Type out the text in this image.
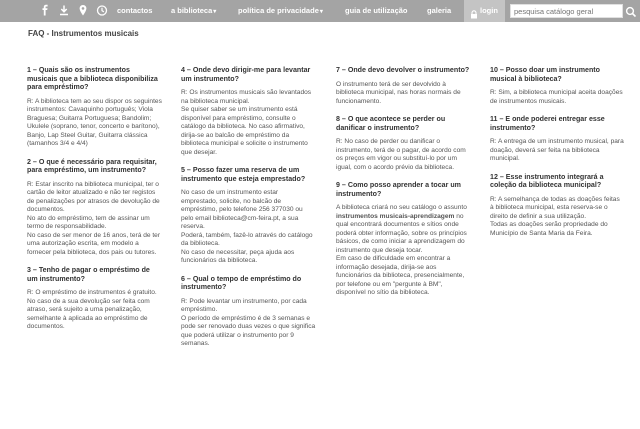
contactos a biblioteca▾	política de privacidade▾	guia de utilização	galeria	login
pesquisa catálogo geral
FAQ - Instrumentos musicais
1 – Quais são os instrumentos musicais que a biblioteca disponibiliza para empréstimo?

R: A biblioteca tem ao seu dispor os seguintes instrumentos: Cavaquinho português; Viola Braguesa; Guitarra Portuguesa; Bandolim; Ukulele (soprano, tenor, concerto e barítono), Banjo, Lap Steel Guitar, Guitarra clássica (tamanhos 3/4 e 4/4)

2 – O que é necessário para requisitar, para empréstimo, um instrumento?

R: Estar inscrito na biblioteca municipal, ter o cartão de leitor atualizado e não ter registos de penalizações por atrasos de devolução de documentos.
No ato do empréstimo, tem de assinar um termo de responsabilidade.
No caso de ser menor de 16 anos, terá de ter uma autorização escrita, em modelo a fornecer pela biblioteca, dos pais ou tutores.

3 – Tenho de pagar o empréstimo de um instrumento?

R: O empréstimo de instrumentos é gratuito.
No caso de a sua devolução ser feita com atraso, será sujeito a uma penalização, semelhante à aplicada ao empréstimo de documentos.

4 – Onde devo dirigir-me para levantar um instrumento?

R: Os instrumentos musicais são levantados na biblioteca municipal.
Se quiser saber se um instrumento está disponível para empréstimo, consulte o catálogo da biblioteca. No caso afirmativo, dirija-se ao balcão de empréstimo da biblioteca municipal e solicite o instrumento que desejar.

5 – Posso fazer uma reserva de um instrumento que esteja emprestado?

No caso de um instrumento estar emprestado, solicite, no balcão de empréstimo, pelo telefone 256 377030 ou pelo email biblioteca@cm-feira.pt, a sua reserva.
Poderá, também, fazê-lo através do catálogo da biblioteca.
No caso de necessitar, peça ajuda aos funcionários da biblioteca.

6 – Qual o tempo de empréstimo do instrumento?

R: Pode levantar um instrumento, por cada empréstimo.
O período de empréstimo é de 3 semanas e pode ser renovado duas vezes o que significa que poderá utilizar o instrumento por 9 semanas.

7 – Onde devo devolver o instrumento?

O instrumento terá de ser devolvido à biblioteca municipal, nas horas normais de funcionamento.

8 – O que acontece se perder ou danificar o instrumento?

R: No caso de perder ou danificar o instrumento, terá de o pagar, de acordo com os preços em vigor ou substituí-lo por um igual, com o acordo prévio da biblioteca.

9 – Como posso aprender a tocar um instrumento?

A biblioteca criará no seu catálogo o assunto instrumentos musicais-aprendizagem no qual encontrará documentos e sítios onde poderá obter informação, sobre os princípios básicos, de como iniciar a aprendizagem do instrumento que deseja tocar.
Em caso de dificuldade em encontrar a informação desejada, dirija-se aos funcionários da biblioteca, presencialmente, por telefone ou em "pergunte à BM", disponível no sítio da biblioteca.

10 – Posso doar um instrumento musical à biblioteca?

R: Sim, a biblioteca municipal aceita doações de instrumentos musicais.

11 – E onde poderei entregar esse instrumento?

R: A entrega de um instrumento musical, para doação, deverá ser feita na biblioteca municipal.

12 – Esse instrumento integrará a coleção da biblioteca municipal?

R: A semelhança de todas as doações feitas à biblioteca municipal, esta reserva-se o direito de definir a sua utilização.
Todas as doações serão propriedade do Município de Santa Maria da Feira.
